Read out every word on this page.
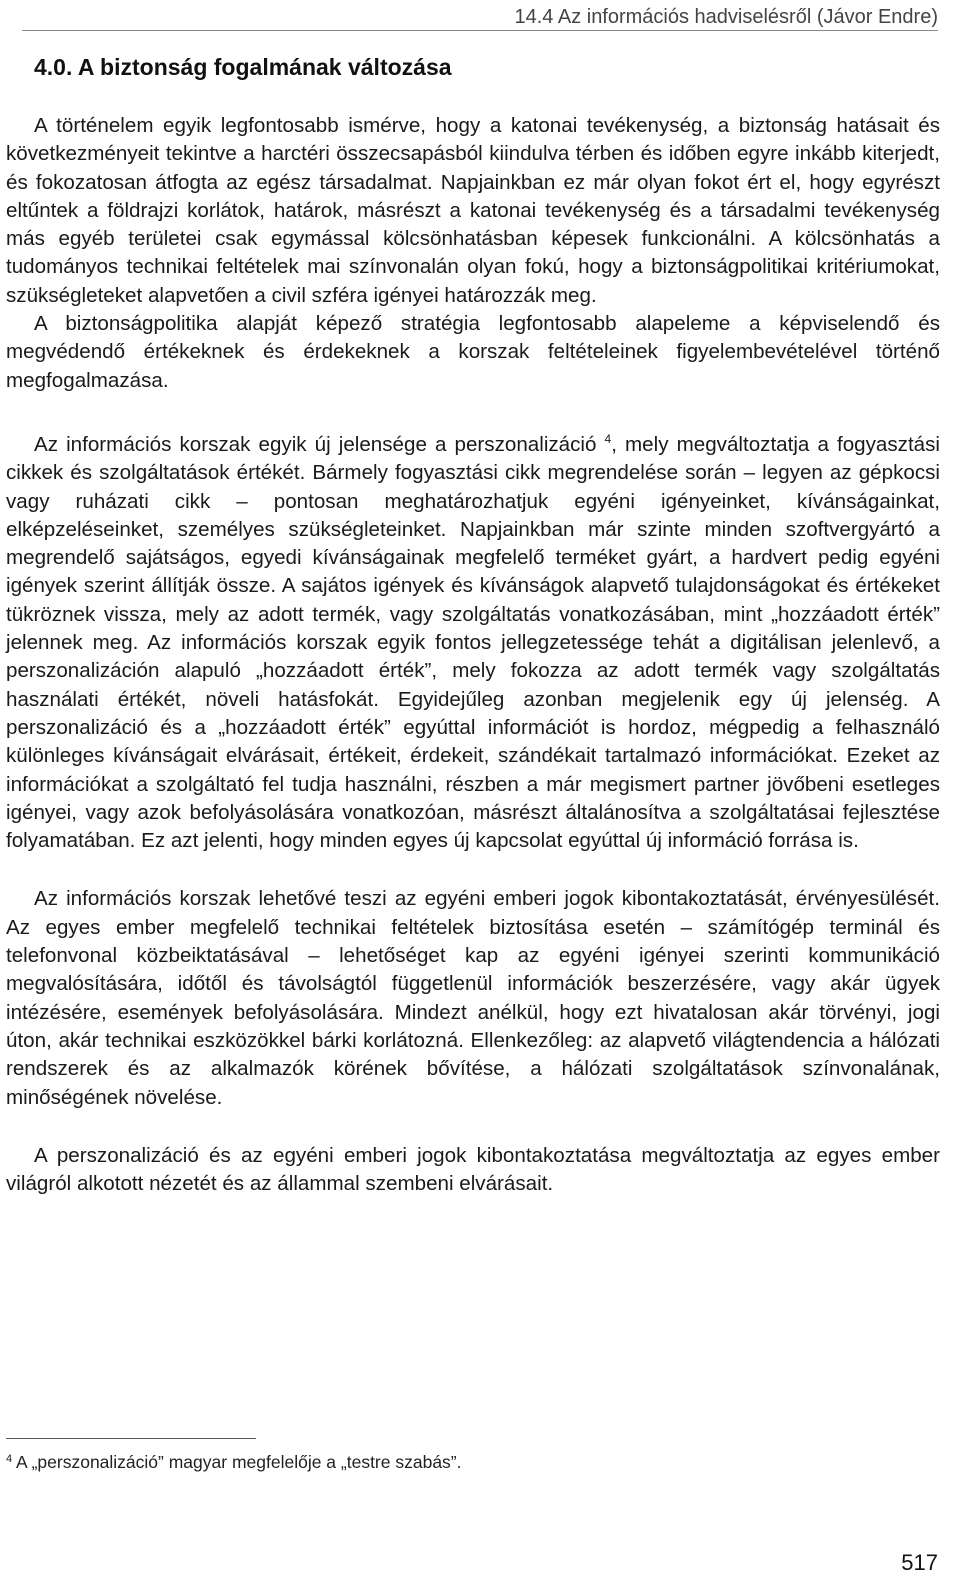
14.4 Az információs hadviselésről (Jávor Endre)
4.0. A biztonság fogalmának változása

A történelem egyik legfontosabb ismérve, hogy a katonai tevékenység, a biztonság hatásait és következményeit tekintve a harctéri összecsapásból kiindulva térben és időben egyre inkább kiterjedt, és fokozatosan átfogta az egész társadalmat. Napjainkban ez már olyan fokot ért el, hogy egyrészt eltűntek a földrajzi korlátok, határok, másrészt a katonai tevékenység és a társadalmi tevékenység más egyéb területei csak egymással kölcsönhatásban képesek funkcionálni. A kölcsönhatás a tudományos technikai feltételek mai színvonalán olyan fokú, hogy a biztonságpolitikai kritériumokat, szükségleteket alapvetően a civil szféra igényei határozzák meg.

A biztonságpolitika alapját képező stratégia legfontosabb alapeleme a képviselendő és megvédendő értékeknek és érdekeknek a korszak feltételeinek figyelembevételével történő megfogalmazása.

Az információs korszak egyik új jelensége a perszonalizáció $^4$, mely megváltoztatja a fogyasztási cikkek és szolgáltatások értékét. Bármely fogyasztási cikk megrendelése során – legyen az gépkocsi vagy ruházati cikk – pontosan meghatározhatjuk egyéni igényeinket, kívánságainkat, elképzeléseinket, személyes szükségleteinket. Napjainkban már szinte minden szoftvergyártó a megrendelő sajátságos, egyedi kívánságainak megfelelő terméket gyárt, a hardvert pedig egyéni igények szerint állítják össze. A sajátos igények és kívánságok alapvető tulajdonságokat és értékeket tükröznek vissza, mely az adott termék, vagy szolgáltatás vonatkozásában, mint „hozzáadott érték” jelennek meg. Az információs korszak egyik fontos jellegzetessége tehát a digitálisan jelenlevő, a perszonalizáción alapuló „hozzáadott érték”, mely fokozza az adott termék vagy szolgáltatás használati értékét, növeli hatásfokát. Egyidejűleg azonban megjelenik egy új jelenség. A perszonalizáció és a „hozzáadott érték” egyúttal információt is hordoz, mégpedig a felhasználó különleges kívánságait elvárásait, értékeit, érdekeit, szándékait tartalmazó információkat. Ezeket az információkat a szolgáltató fel tudja használni, részben a már megismert partner jövőbeni esetleges igényei, vagy azok befolyásolására vonatkozóan, másrészt általánosítva a szolgáltatásai fejlesztése folyamatában. Ez azt jelenti, hogy minden egyes új kapcsolat egyúttal új információ forrása is.

Az információs korszak lehetővé teszi az egyéni emberi jogok kibontakoztatását, érvényesülését. Az egyes ember megfelelő technikai feltételek biztosítása esetén – számítógép terminál és telefonvonal közbeiktatásával – lehetőséget kap az egyéni igényei szerinti kommunikáció megvalósítására, időtől és távolságtól függetlenül információk beszerzésére, vagy akár ügyek intézésére, események befolyásolására. Mindezt anélkül, hogy ezt hivatalosan akár törvényi, jogi úton, akár technikai eszközökkel bárki korlátozná. Ellenkezőleg: az alapvető világtendencia a hálózati rendszerek és az alkalmazók körének bővítése, a hálózati szolgáltatások színvonalának, minőségének növelése.

A perszonalizáció és az egyéni emberi jogok kibontakoztatása megváltoztatja az egyes ember világról alkotott nézetét és az állammal szembeni elvárásait.

$^4$ A „perszonalizáció” magyar megfelelője a „testre szabás”.

517
